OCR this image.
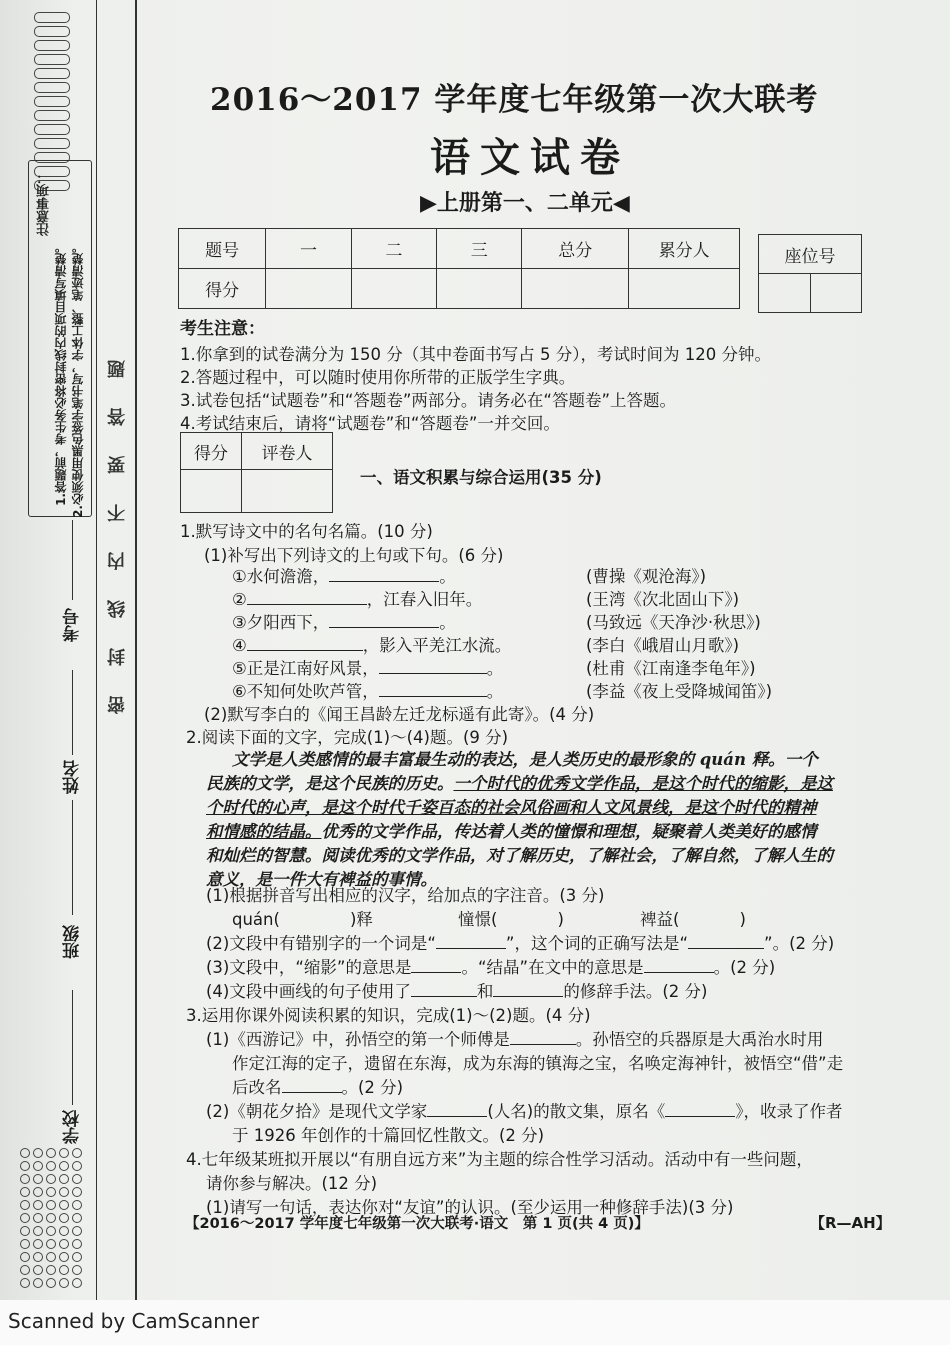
注意事项：
1.答题前，考生务必将密封线内的项目填写清楚。 2.必须使用黑色签字笔书写，字体工整、笔迹清楚。 密封线内不要答题
学校
班级
姓名
考号
2016～2017 学年度七年级第一次大联考
语文试卷
▶上册第一、二单元◀
题号	一	二	三	总分	累分人
得分					
座位号

考生注意：
1.你拿到的试卷满分为 150 分（其中卷面书写占 5 分），考试时间为 120 分钟。
2.答题过程中，可以随时使用你所带的正版学生字典。
3.试卷包括“试题卷”和“答题卷”两部分。请务必在“答题卷”上答题。
4.考试结束后，请将“试题卷”和“答题卷”一并交回。
得分	评卷人

一、语文积累与综合运用(35 分)
1.默写诗文中的名句名篇。(10 分)
(1)补写出下列诗文的上句或下句。(6 分)
①水何澹澹，	。	(曹操《观沧海》)
②	，江春入旧年。	(王湾《次北固山下》)
③夕阳西下，	。	(马致远《天净沙·秋思》)
④	，影入平羌江水流。	(李白《峨眉山月歌》)
⑤正是江南好风景，	。	(杜甫《江南逢李龟年》)
⑥不知何处吹芦管，	。	(李益《夜上受降城闻笛》)
(2)默写李白的《闻王昌龄左迁龙标遥有此寄》。(4 分)
2.阅读下面的文字，完成(1)～(4)题。(9 分)
文学是人类感情的最丰富最生动的表达，是人类历史的最形象的 quán 释。一个
民族的文学，是这个民族的历史。一个时代的优秀文学作品，是这个时代的缩影，是这
个时代的心声，是这个时代千姿百态的社会风俗画和人文风景线，是这个时代的精神
和情感的结晶。优秀的文学作品，传达着人类的憧憬和理想，疑聚着人类美好的感情
和灿烂的智慧。阅读优秀的文学作品，对了解历史，了解社会，了解自然，了解人生的
意义，是一件大有裨益的事情。
(1)根据拼音写出相应的汉字，给加点的字注音。(3 分)
quán(	)释	憧憬(	)	裨益(	)
(2)文段中有错别字的一个词是“	”，这个词的正确写法是“	”。(2 分)
(3)文段中，“缩影”的意思是	。“结晶”在文中的意思是	。(2 分)
(4)文段中画线的句子使用了	和	的修辞手法。(2 分)
3.运用你课外阅读积累的知识，完成(1)～(2)题。(4 分)
(1)《西游记》中，孙悟空的第一个师傅是	。孙悟空的兵器原是大禹治水时用
作定江海的定子，遗留在东海，成为东海的镇海之宝，名唤定海神针，被悟空“借”走
后改名	。(2 分)
(2)《朝花夕拾》是现代文学家	(人名)的散文集，原名《	》，收录了作者
于 1926 年创作的十篇回忆性散文。(2 分)
4.七年级某班拟开展以“有朋自远方来”为主题的综合性学习活动。活动中有一些问题，
请你参与解决。(12 分)
(1)请写一句话，表达你对“友谊”的认识。(至少运用一种修辞手法)(3 分)
【2016～2017 学年度七年级第一次大联考·语文　第 1 页(共 4 页)】	【R—AH】
Scanned by CamScanner
